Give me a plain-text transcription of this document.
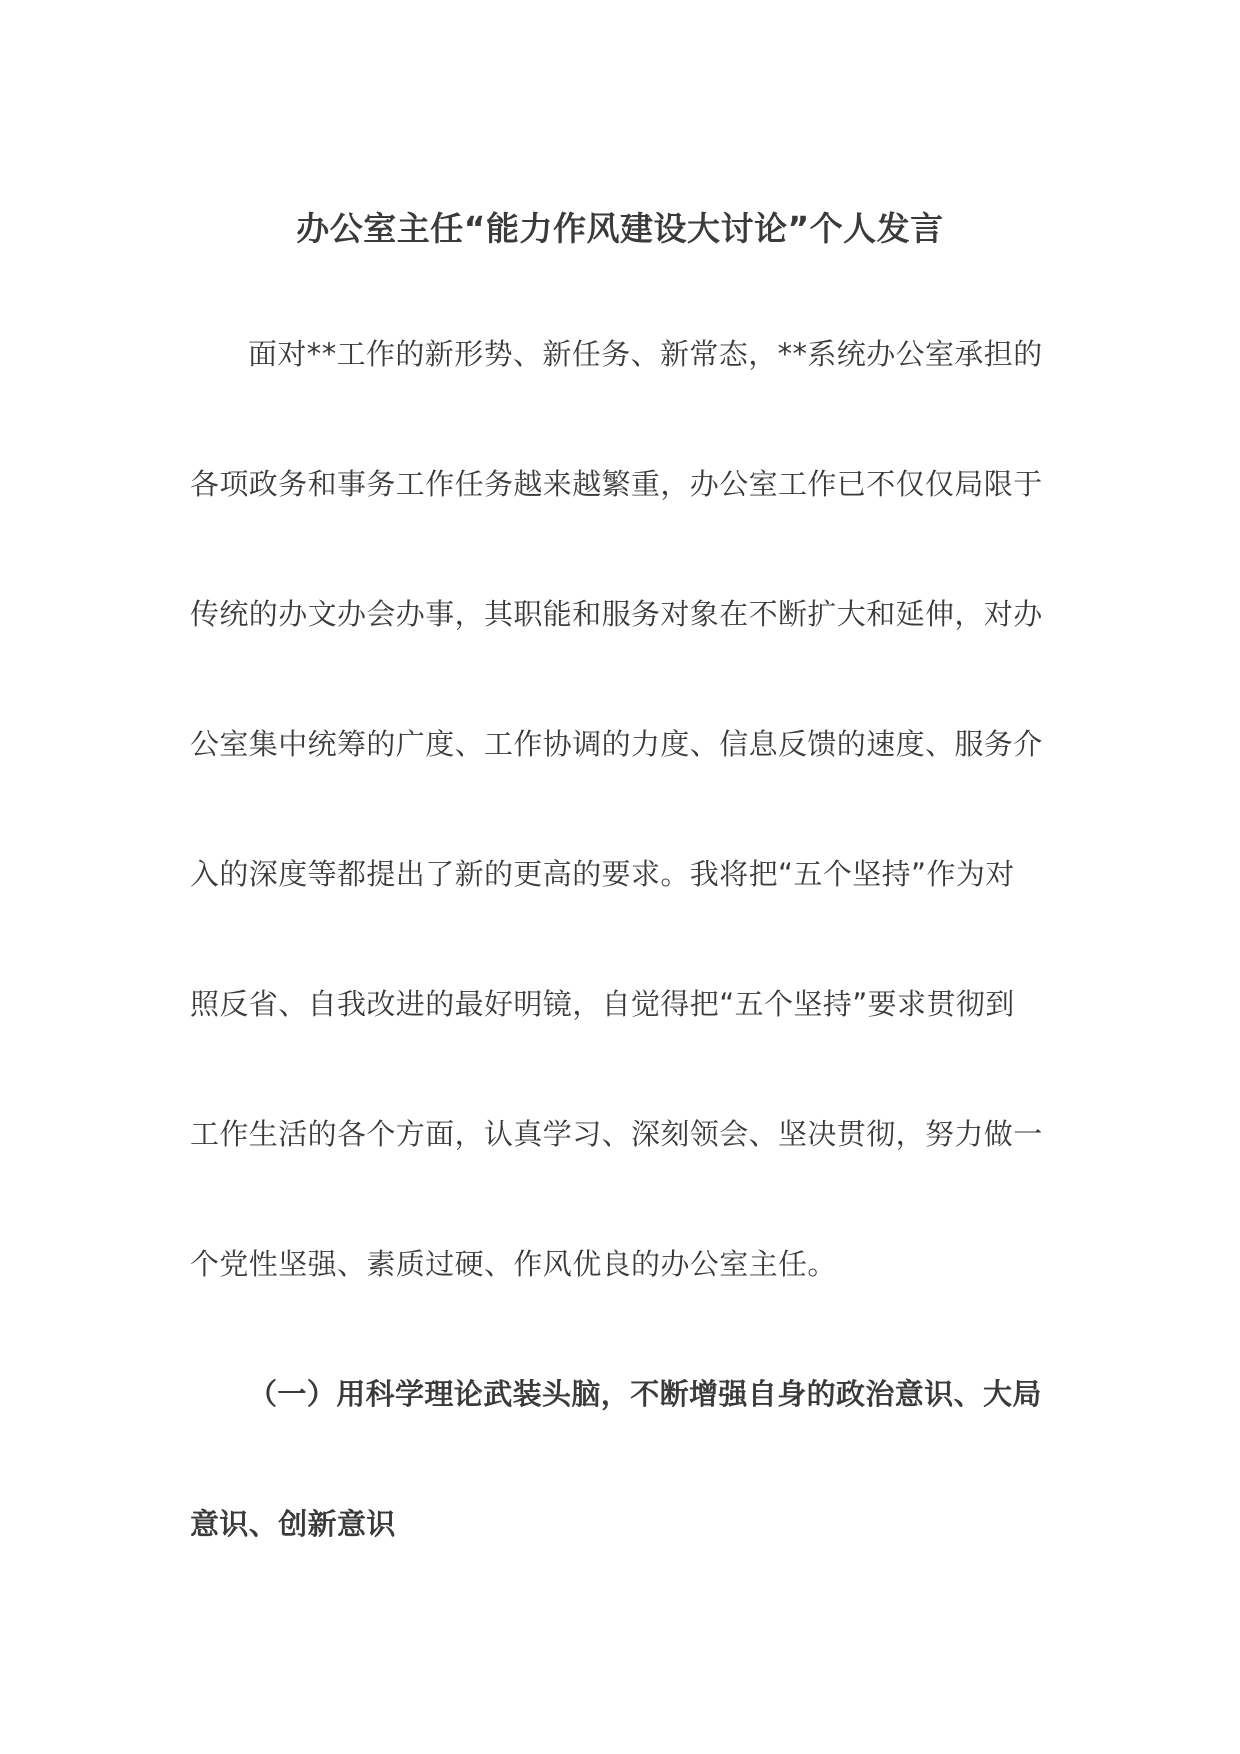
办公室主任“能力作风建设大讨论”个人发言
面对**工作的新形势、新任务、新常态，**系统办公室承担的
各项政务和事务工作任务越来越繁重，办公室工作已不仅仅局限于
传统的办文办会办事，其职能和服务对象在不断扩大和延伸，对办
公室集中统筹的广度、工作协调的力度、信息反馈的速度、服务介
入的深度等都提出了新的更高的要求。我将把“五个坚持”作为对
照反省、自我改进的最好明镜，自觉得把“五个坚持”要求贯彻到
工作生活的各个方面，认真学习、深刻领会、坚决贯彻，努力做一
个党性坚强、素质过硬、作风优良的办公室主任。
（一）用科学理论武装头脑，不断增强自身的政治意识、大局
意识、创新意识
